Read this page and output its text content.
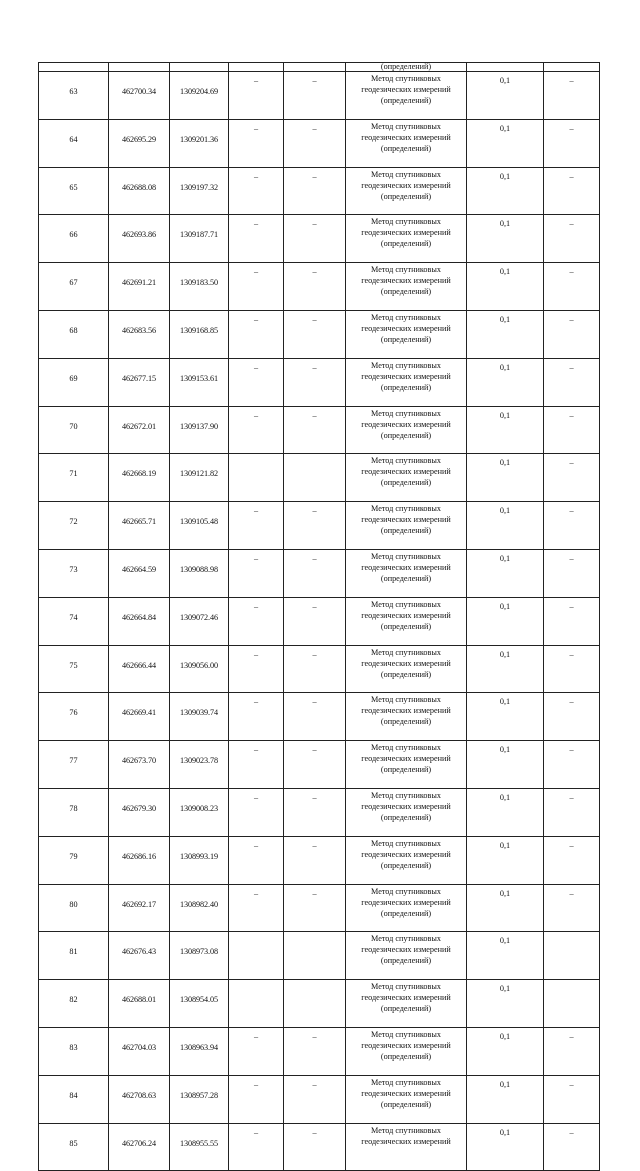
					(определений)		
63	462700.34	1309204.69	–	–	Метод спутниковых
геодезических измерений
(определений)	0,1	–
64	462695.29	1309201.36	–	–	Метод спутниковых
геодезических измерений
(определений)	0,1	–
65	462688.08	1309197.32	–	–	Метод спутниковых
геодезических измерений
(определений)	0,1	–
66	462693.86	1309187.71	–	–	Метод спутниковых
геодезических измерений
(определений)	0,1	–
67	462691.21	1309183.50	–	–	Метод спутниковых
геодезических измерений
(определений)	0,1	–
68	462683.56	1309168.85	–	–	Метод спутниковых
геодезических измерений
(определений)	0,1	–
69	462677.15	1309153.61	–	–	Метод спутниковых
геодезических измерений
(определений)	0,1	–
70	462672.01	1309137.90	–	–	Метод спутниковых
геодезических измерений
(определений)	0,1	–
71	462668.19	1309121.82			Метод спутниковых
геодезических измерений
(определений)	0,1	–
72	462665.71	1309105.48	–	–	Метод спутниковых
геодезических измерений
(определений)	0,1	–
73	462664.59	1309088.98	–	–	Метод спутниковых
геодезических измерений
(определений)	0,1	–
74	462664.84	1309072.46	–	–	Метод спутниковых
геодезических измерений
(определений)	0,1	–
75	462666.44	1309056.00	–	–	Метод спутниковых
геодезических измерений
(определений)	0,1	–
76	462669.41	1309039.74	–	–	Метод спутниковых
геодезических измерений
(определений)	0,1	–
77	462673.70	1309023.78	–	–	Метод спутниковых
геодезических измерений
(определений)	0,1	–
78	462679.30	1309008.23	–	–	Метод спутниковых
геодезических измерений
(определений)	0,1	–
79	462686.16	1308993.19	–	–	Метод спутниковых
геодезических измерений
(определений)	0,1	–
80	462692.17	1308982.40	–	–	Метод спутниковых
геодезических измерений
(определений)	0,1	–
81	462676.43	1308973.08			Метод спутниковых
геодезических измерений
(определений)	0,1	
82	462688.01	1308954.05			Метод спутниковых
геодезических измерений
(определений)	0,1	
83	462704.03	1308963.94	–	–	Метод спутниковых
геодезических измерений
(определений)	0,1	–
84	462708.63	1308957.28	–	–	Метод спутниковых
геодезических измерений
(определений)	0,1	–
85	462706.24	1308955.55	–	–	Метод спутниковых
геодезических измерений	0,1	–
